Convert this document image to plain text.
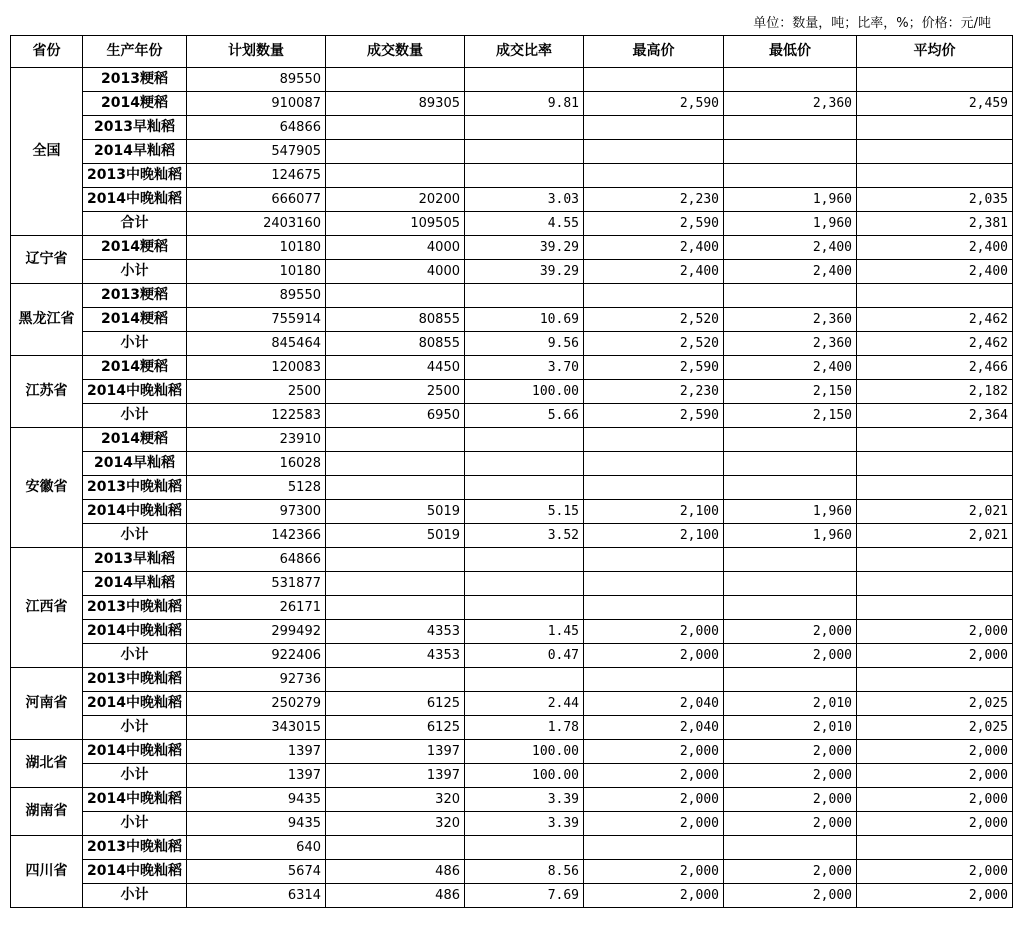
单位：数量，吨；比率，%；价格：元/吨
省份	生产年份	计划数量	成交数量	成交比率	最高价	最低价	平均价
全国	2013粳稻	89550					
	2014粳稻	910087	89305	9.81	2,590	2,360	2,459
	2013早籼稻	64866					
	2014早籼稻	547905					
	2013中晚籼稻	124675					
	2014中晚籼稻	666077	20200	3.03	2,230	1,960	2,035
	合计	2403160	109505	4.55	2,590	1,960	2,381
辽宁省	2014粳稻	10180	4000	39.29	2,400	2,400	2,400
	小计	10180	4000	39.29	2,400	2,400	2,400
黑龙江省	2013粳稻	89550					
	2014粳稻	755914	80855	10.69	2,520	2,360	2,462
	小计	845464	80855	9.56	2,520	2,360	2,462
江苏省	2014粳稻	120083	4450	3.70	2,590	2,400	2,466
	2014中晚籼稻	2500	2500	100.00	2,230	2,150	2,182
	小计	122583	6950	5.66	2,590	2,150	2,364
安徽省	2014粳稻	23910					
	2014早籼稻	16028					
	2013中晚籼稻	5128					
	2014中晚籼稻	97300	5019	5.15	2,100	1,960	2,021
	小计	142366	5019	3.52	2,100	1,960	2,021
江西省	2013早籼稻	64866					
	2014早籼稻	531877					
	2013中晚籼稻	26171					
	2014中晚籼稻	299492	4353	1.45	2,000	2,000	2,000
	小计	922406	4353	0.47	2,000	2,000	2,000
河南省	2013中晚籼稻	92736					
	2014中晚籼稻	250279	6125	2.44	2,040	2,010	2,025
	小计	343015	6125	1.78	2,040	2,010	2,025
湖北省	2014中晚籼稻	1397	1397	100.00	2,000	2,000	2,000
	小计	1397	1397	100.00	2,000	2,000	2,000
湖南省	2014中晚籼稻	9435	320	3.39	2,000	2,000	2,000
	小计	9435	320	3.39	2,000	2,000	2,000
四川省	2013中晚籼稻	640					
	2014中晚籼稻	5674	486	8.56	2,000	2,000	2,000
	小计	6314	486	7.69	2,000	2,000	2,000
